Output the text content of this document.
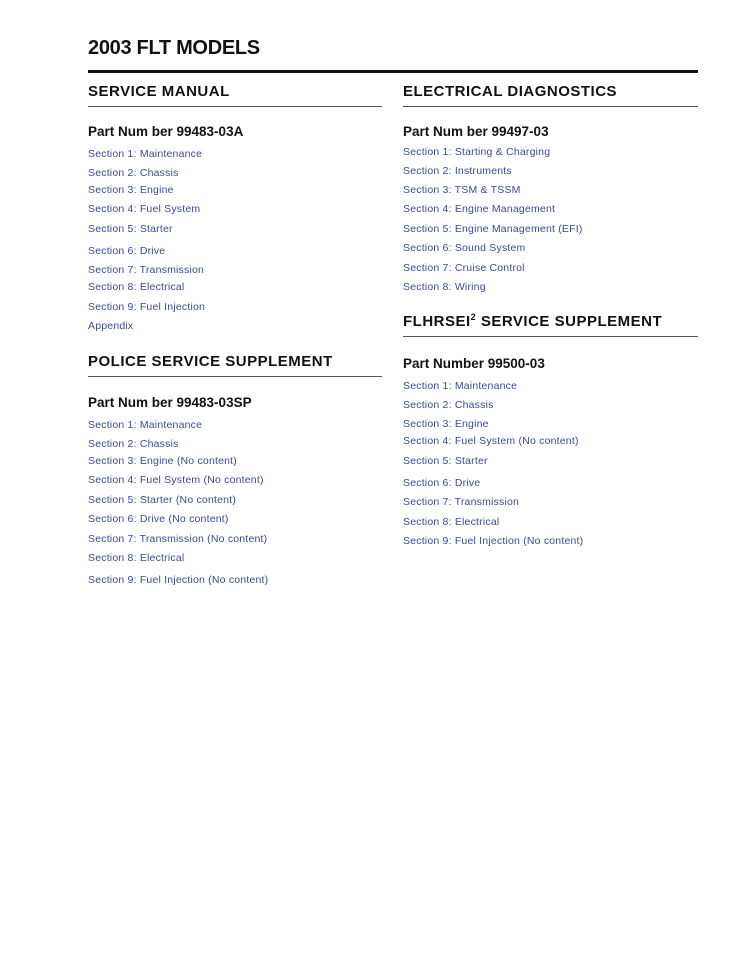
2003 FLT MODELS
SERVICE MANUAL
Part Num ber 99483-03A
Section 1: Maintenance
Section 2: Chassis
Section 3: Engine
Section 4: Fuel System
Section 5: Starter
Section 6: Drive
Section 7: Transmission
Section 8: Electrical
Section 9: Fuel Injection
Appendix
POLICE SERVICE SUPPLEMENT
Part Num ber 99483-03SP
Section 1: Maintenance
Section 2: Chassis
Section 3: Engine (No content)
Section 4: Fuel System (No content)
Section 5: Starter (No content)
Section 6: Drive (No content)
Section 7: Transmission (No content)
Section 8: Electrical
Section 9: Fuel Injection (No content)
ELECTRICAL DIAGNOSTICS
Part Num ber 99497-03
Section 1: Starting & Charging
Section 2: Instruments
Section 3: TSM & TSSM
Section 4: Engine Management
Section 5: Engine Management (EFI)
Section 6: Sound System
Section 7: Cruise Control
Section 8: Wiring
FLHRSEI$^2$ SERVICE SUPPLEMENT
Part Number 99500-03
Section 1: Maintenance
Section 2: Chassis
Section 3: Engine
Section 4: Fuel System (No content)
Section 5: Starter
Section 6: Drive
Section 7: Transmission
Section 8: Electrical
Section 9: Fuel Injection (No content)
